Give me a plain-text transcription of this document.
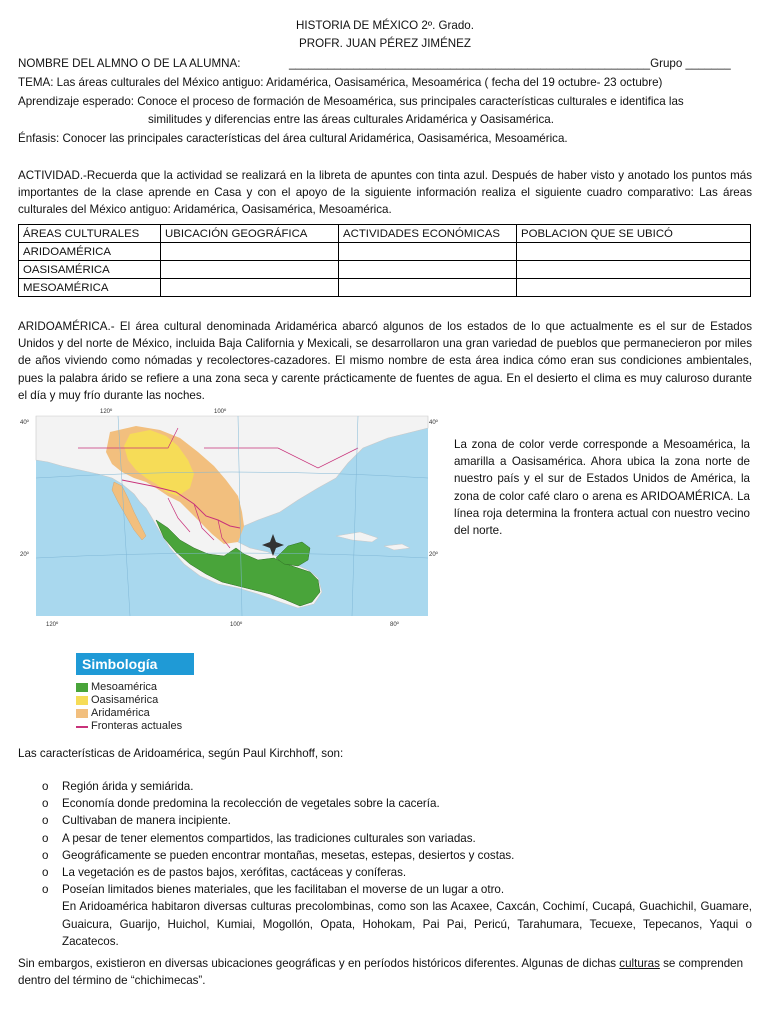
HISTORIA DE MÉXICO 2º. Grado.
PROFR. JUAN PÉREZ JIMÉNEZ
NOMBRE DEL ALMNO O DE LA ALUMNA:	________________________________________________________Grupo _______
TEMA: Las áreas culturales del México antiguo: Aridamérica, Oasisamérica, Mesoamérica ( fecha del 19 octubre- 23 octubre)
Aprendizaje esperado: Conoce el proceso de formación de Mesoamérica, sus principales características culturales e identifica las
similitudes y diferencias entre las áreas culturales Aridamérica y Oasisamérica.
Énfasis: Conocer las principales características del área cultural Aridamérica, Oasisamérica, Mesoamérica.
ACTIVIDAD.-Recuerda que la actividad se realizará en la libreta de apuntes con tinta azul. Después de haber visto y anotado los puntos más importantes de la clase aprende en Casa y con el apoyo de la siguiente información realiza el siguiente cuadro comparativo: Las áreas culturales del México antiguo: Aridamérica, Oasisamérica, Mesoamérica.
ÁREAS CULTURALES	UBICACIÓN GEOGRÁFICA	ACTIVIDADES ECONÓMICAS	POBLACION QUE SE UBICÓ
ARIDOAMÉRICA			
OASISAMÉRICA			
MESOAMÉRICA			
ARIDOAMÉRICA.- El área cultural denominada Aridamérica abarcó algunos de los estados de lo que actualmente es el sur de Estados Unidos y del norte de México, incluida Baja California y Mexicali, se desarrollaron una gran variedad de pueblos que permanecieron por miles de años viviendo como nómadas y recolectores-cazadores. El mismo nombre de esta área indica cómo eran sus condiciones ambientales, pues la palabra árido se refiere a una zona seca y carente prácticamente de fuentes de agua. En el desierto el clima es muy caluroso durante el día y muy frío durante las noches.
120º	100º
120º	100º	80º
40º
20º	20º
40º
Simbología
Mesoamérica
Oasisamérica
Aridamérica
Fronteras actuales
La zona de color verde corresponde a Mesoamérica, la amarilla a Oasisamérica. Ahora ubica la zona norte de nuestro país y el sur de Estados Unidos de América, la zona de color café claro o arena es ARIDOAMÉRICA. La línea roja determina la frontera actual con nuestro vecino del norte.
Las características de Aridoamérica, según Paul Kirchhoff, son:
o Región árida y semiárida.
o Economía donde predomina la recolección de vegetales sobre la cacería.
o Cultivaban de manera incipiente.
o A pesar de tener elementos compartidos, las tradiciones culturales son variadas.
o Geográficamente se pueden encontrar montañas, mesetas, estepas, desiertos y costas.
o La vegetación es de pastos bajos, xerófitas, cactáceas y coníferas.
o Poseían limitados bienes materiales, que les facilitaban el moverse de un lugar a otro.
En Aridoamérica habitaron diversas culturas precolombinas, como son las Acaxee, Caxcán, Cochimí, Cucapá, Guachichil, Guamare, Guaicura, Guarijo, Huichol, Kumiai, Mogollón, Opata, Hohokam, Pai Pai, Pericú, Tarahumara, Tecuexe, Tepecanos, Yaqui o Zacatecos.
Sin embargos, existieron en diversas ubicaciones geográficas y en períodos históricos diferentes. Algunas de dichas culturas se comprenden dentro del término de “chichimecas”.
